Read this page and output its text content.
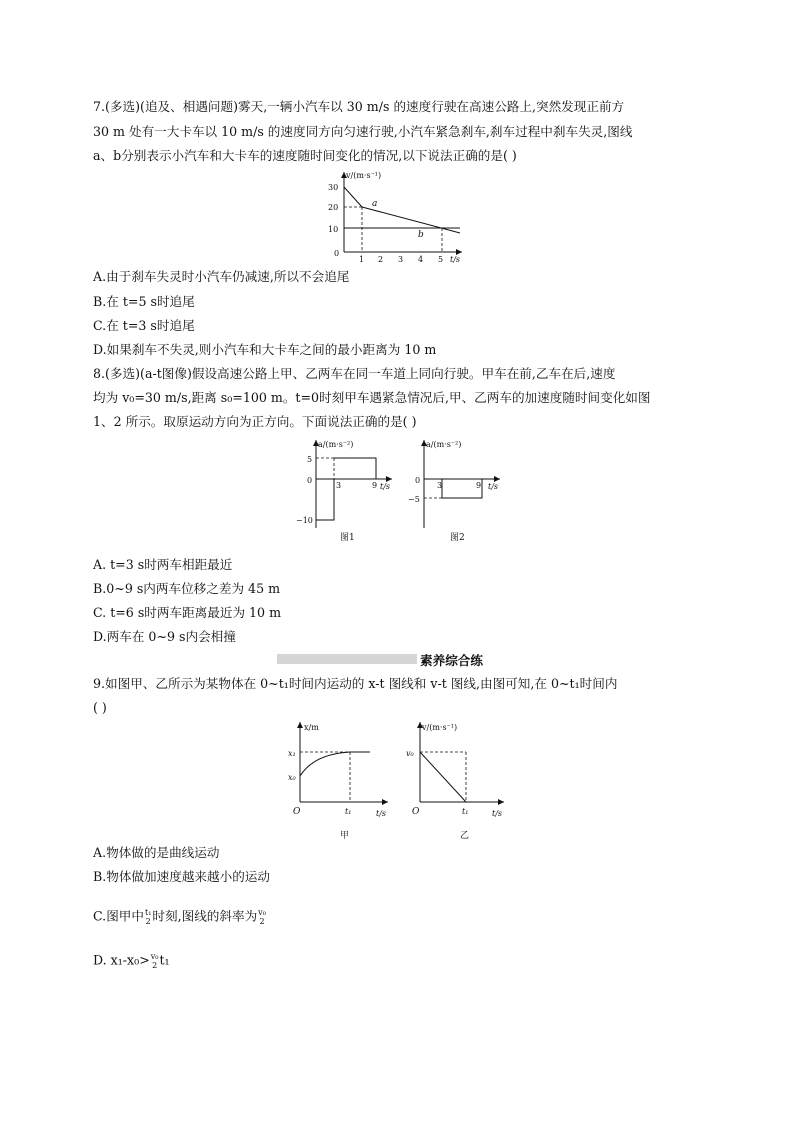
7.(多选)(追及、相遇问题)雾天,一辆小汽车以 30 m/s 的速度行驶在高速公路上,突然发现正前方
30 m 处有一大卡车以 10 m/s 的速度同方向匀速行驶,小汽车紧急刹车,刹车过程中刹车失灵,图线
a、b分别表示小汽车和大卡车的速度随时间变化的情况,以下说法正确的是( )
v/(m·s⁻¹)
t/s
0
30
20
10
1 2 3 4 5
a
b
A.由于刹车失灵时小汽车仍减速,所以不会追尾
B.在 t=5 s时追尾
C.在 t=3 s时追尾
D.如果刹车不失灵,则小汽车和大卡车之间的最小距离为 10 m
8.(多选)(a-t图像)假设高速公路上甲、乙两车在同一车道上同向行驶。甲车在前,乙车在后,速度
均为 v₀=30 m/s,距离 s₀=100 m。t=0时刻甲车遇紧急情况后,甲、乙两车的加速度随时间变化如图
1、2 所示。取原运动方向为正方向。下面说法正确的是( )
a/(m·s⁻²)
t/s
0
5
−10
3	9
图1
a/(m·s⁻²)
t/s
0
−5
3	9
图2
A. t=3 s时两车相距最近
B.0~9 s内两车位移之差为 45 m
C. t=6 s时两车距离最近为 10 m
D.两车在 0~9 s内会相撞
素养综合练
9.如图甲、乙所示为某物体在 0~t₁时间内运动的 x-t 图线和 v-t 图线,由图可知,在 0~t₁时间内
( )
x/m
t/s
O
x₁
x₀
t₁
甲
v/(m·s⁻¹)
t/s
O
v₀
t₁
乙
A.物体做的是曲线运动
B.物体做加速度越来越小的运动
C.图甲中 t₁
2 时刻,图线的斜率为 v₀
2
D. x₁-x₀> v₀
2 t₁
